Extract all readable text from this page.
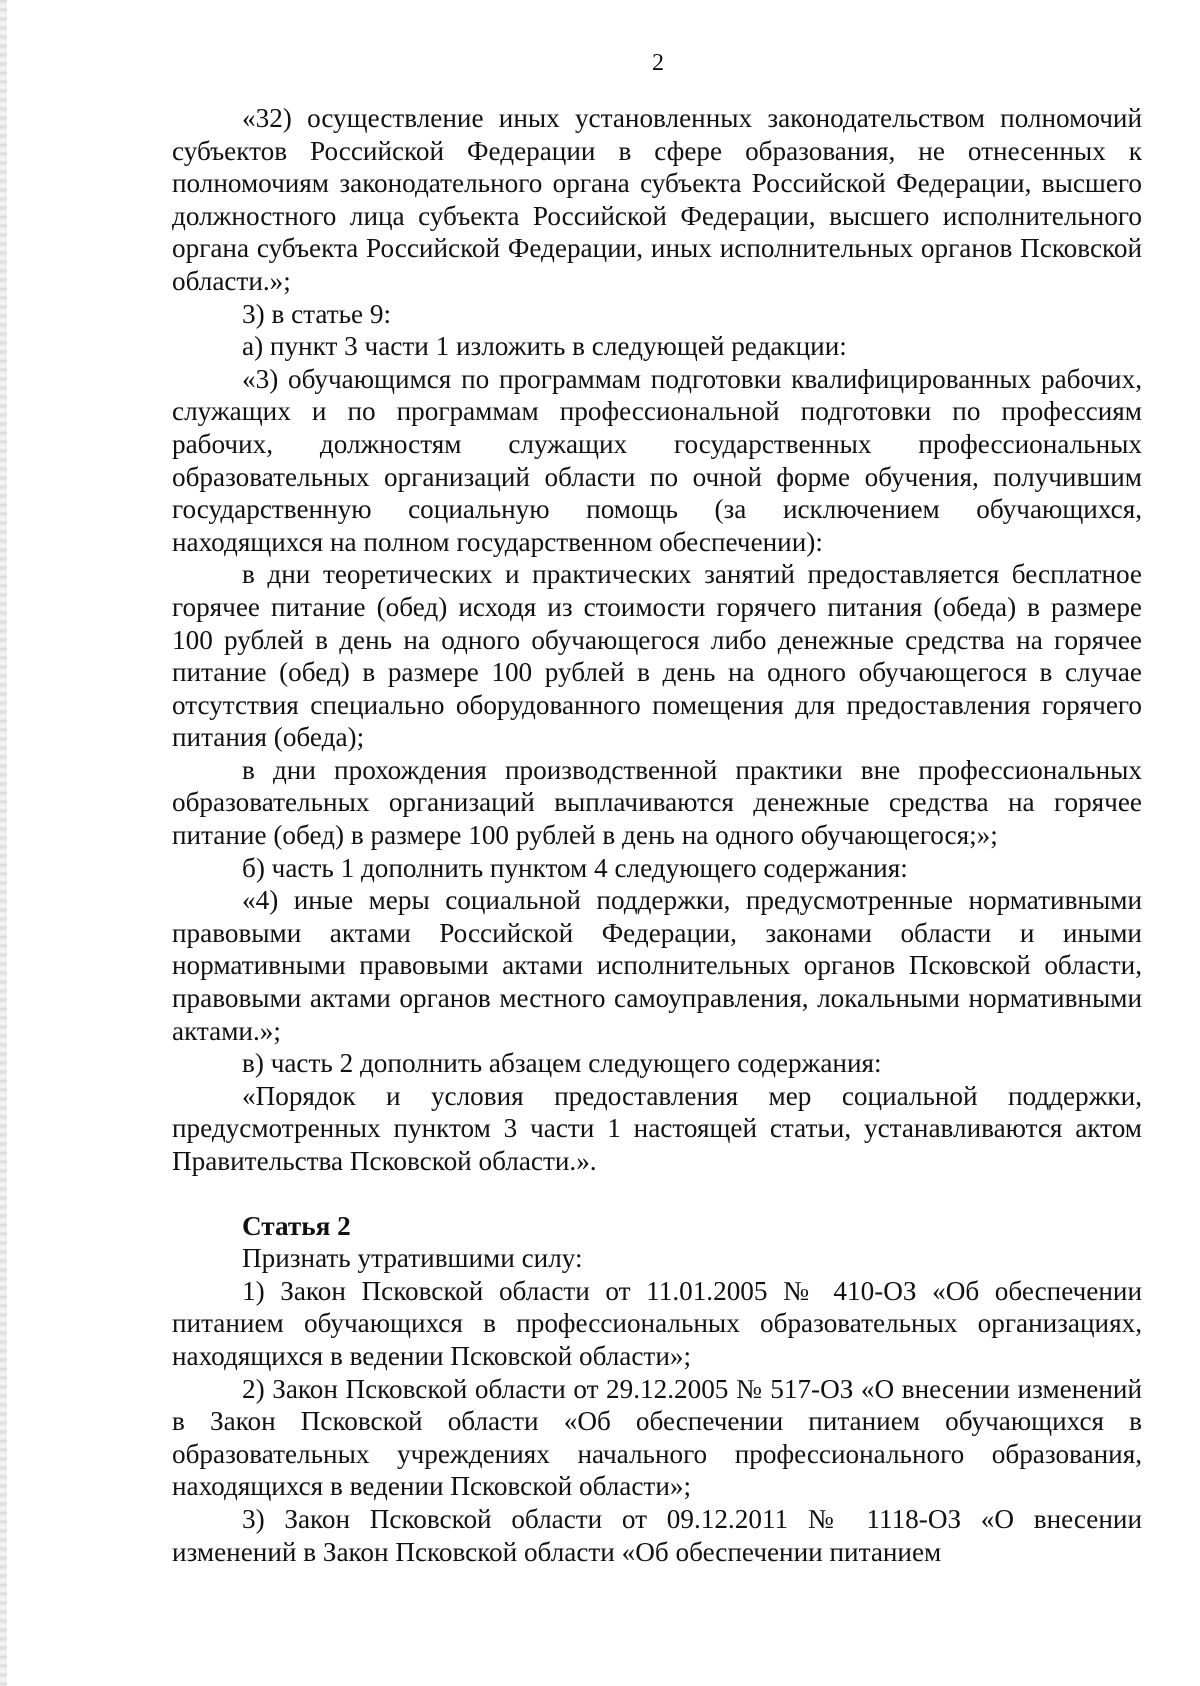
2

«32) осуществление иных установленных законодательством полномочий субъектов Российской Федерации в сфере образования, не отнесенных к полномочиям законодательного органа субъекта Российской Федерации, высшего должностного лица субъекта Российской Федерации, высшего исполнительного органа субъекта Российской Федерации, иных исполнительных органов Псковской области.»;

3) в статье 9:

а) пункт 3 части 1 изложить в следующей редакции:

«3) обучающимся по программам подготовки квалифицированных рабочих, служащих и по программам профессиональной подготовки по профессиям рабочих, должностям служащих государственных профессиональных образовательных организаций области по очной форме обучения, получившим государственную социальную помощь (за исключением обучающихся, находящихся на полном государственном обеспечении):

в дни теоретических и практических занятий предоставляется бесплатное горячее питание (обед) исходя из стоимости горячего питания (обеда) в размере 100 рублей в день на одного обучающегося либо денежные средства на горячее питание (обед) в размере 100 рублей в день на одного обучающегося в случае отсутствия специально оборудованного помещения для предоставления горячего питания (обеда);

в дни прохождения производственной практики вне профессиональных образовательных организаций выплачиваются денежные средства на горячее питание (обед) в размере 100 рублей в день на одного обучающегося;»;

б) часть 1 дополнить пунктом 4 следующего содержания:

«4) иные меры социальной поддержки, предусмотренные нормативными правовыми актами Российской Федерации, законами области и иными нормативными правовыми актами исполнительных органов Псковской области, правовыми актами органов местного самоуправления, локальными нормативными актами.»;

в) часть 2 дополнить абзацем следующего содержания:

«Порядок и условия предоставления мер социальной поддержки, предусмотренных пунктом 3 части 1 настоящей статьи, устанавливаются актом Правительства Псковской области.».

Статья 2

Признать утратившими силу:

1) Закон Псковской области от 11.01.2005 № 410-ОЗ «Об обеспечении питанием обучающихся в профессиональных образовательных организациях, находящихся в ведении Псковской области»;

2) Закон Псковской области от 29.12.2005 № 517-ОЗ «О внесении изменений в Закон Псковской области «Об обеспечении питанием обучающихся в образовательных учреждениях начального профессионального образования, находящихся в ведении Псковской области»;

3) Закон Псковской области от 09.12.2011 № 1118-ОЗ «О внесении изменений в Закон Псковской области «Об обеспечении питанием
